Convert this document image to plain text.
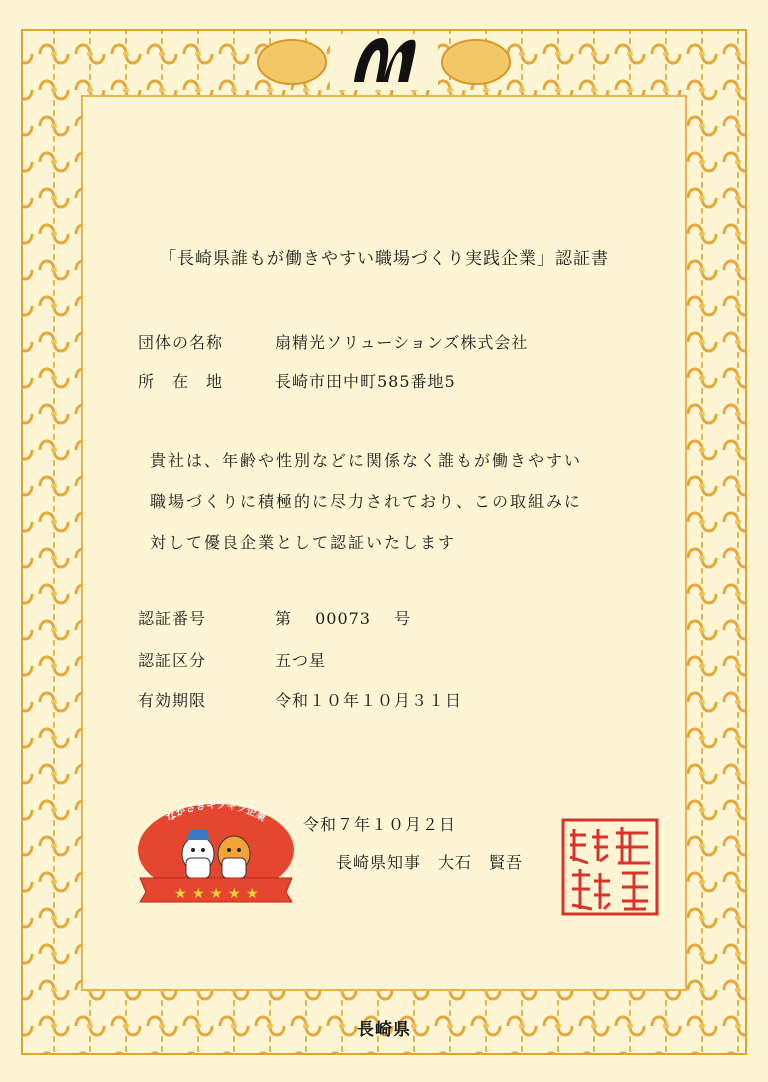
「長崎県誰もが働きやすい職場づくり実践企業」認証書
団体の名称	扇精光ソリューションズ株式会社
所　在　地	長崎市田中町585番地5
貴社は、年齢や性別などに関係なく誰もが働きやすい
職場づくりに積極的に尽力されており、この取組みに
対して優良企業として認証いたします
認証番号	第　 00073　 号
認証区分	五つ星
有効期限	令和１０年１０月３１日
ながさきキラキラ企業
★ ★ ★ ★ ★
令和７年１０月２日
長崎県知事　大石　賢吾
長崎県
